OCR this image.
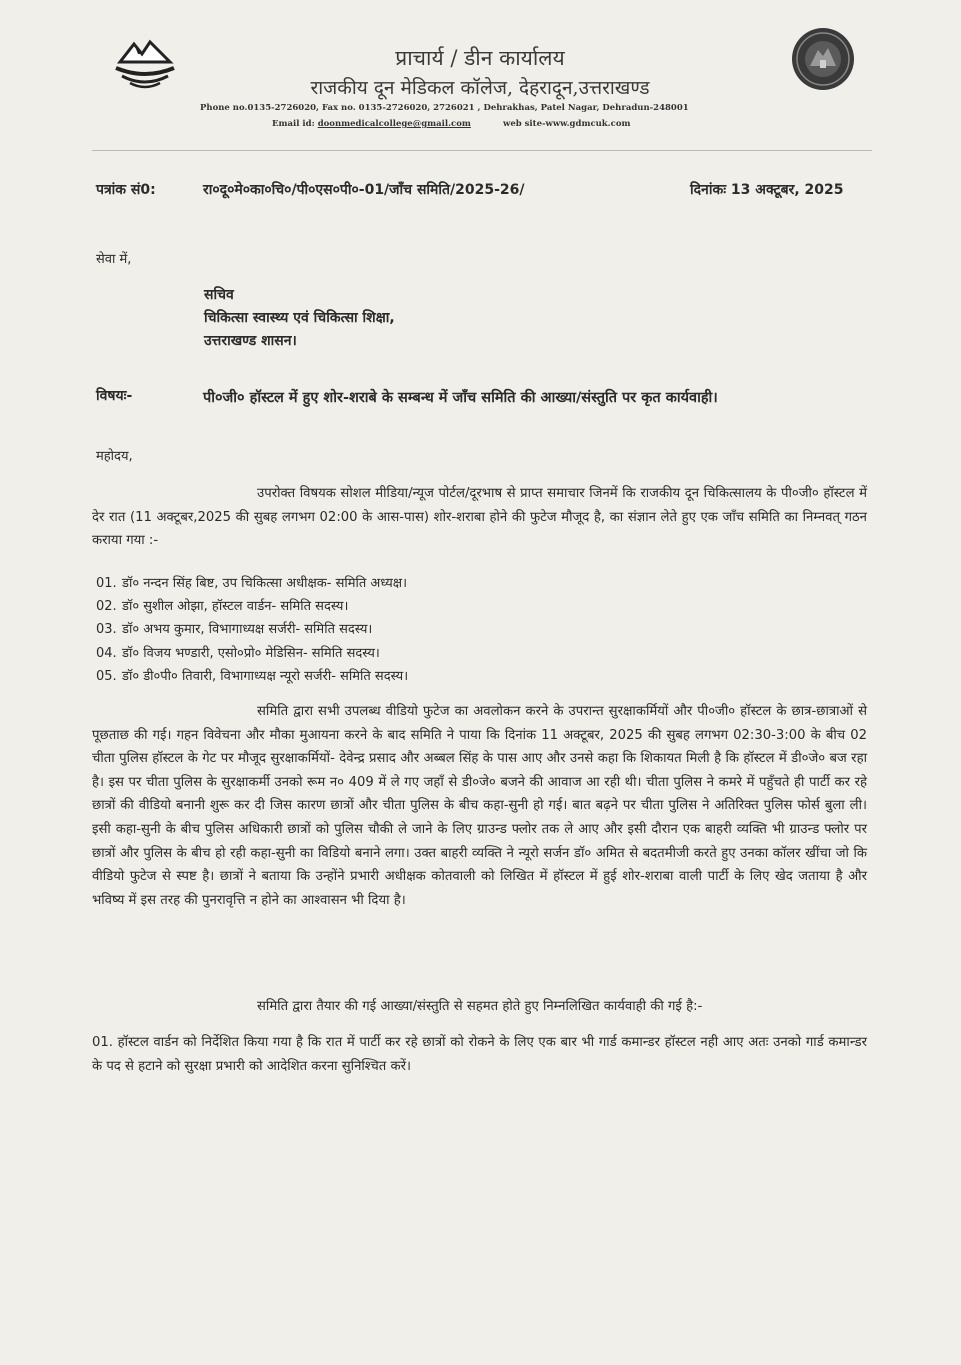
प्राचार्य / डीन कार्यालय
राजकीय दून मेडिकल कॉलेज, देहरादून,उत्तराखण्ड
Phone no.0135-2726020, Fax no. 0135-2726020, 2726021 , Dehrakhas, Patel Nagar, Dehradun-248001
Email id: doonmedicalcollege@gmail.com	web site-www.gdmcuk.com
पत्रांक सं0:	रा०दू०मे०का०चि०/पी०एस०पी०-01/जाँच समिति/2025-26/	दिनांकः 13 अक्टूबर, 2025
सेवा में,
सचिव
चिकित्सा स्वास्थ्य एवं चिकित्सा शिक्षा,
उत्तराखण्ड शासन।
विषयः-	पी०जी० हॉस्टल में हुए शोर-शराबे के सम्बन्ध में जाँच समिति की आख्या/संस्तुति पर कृत कार्यवाही।
महोदय,

उपरोक्त विषयक सोशल मीडिया/न्यूज पोर्टल/दूरभाष से प्राप्त समाचार जिनमें कि राजकीय दून चिकित्सालय के पी०जी० हॉस्टल में देर रात (11 अक्टूबर,2025 की सुबह लगभग 02:00 के आस-पास) शोर-शराबा होने की फुटेज मौजूद है, का संज्ञान लेते हुए एक जाँच समिति का निम्नवत् गठन कराया गया :-

01. डॉ० नन्दन सिंह बिष्ट, उप चिकित्सा अधीक्षक- समिति अध्यक्ष।
02. डॉ० सुशील ओझा, हॉस्टल वार्डन- समिति सदस्य।
03. डॉ० अभय कुमार, विभागाध्यक्ष सर्जरी- समिति सदस्य।
04. डॉ० विजय भण्डारी, एसो०प्रो० मेडिसिन- समिति सदस्य।
05. डॉ० डी०पी० तिवारी, विभागाध्यक्ष न्यूरो सर्जरी- समिति सदस्य।

समिति द्वारा सभी उपलब्ध वीडियो फुटेज का अवलोकन करने के उपरान्त सुरक्षाकर्मियों और पी०जी० हॉस्टल के छात्र-छात्राओं से पूछताछ की गई। गहन विवेचना और मौका मुआयना करने के बाद समिति ने पाया कि दिनांक 11 अक्टूबर, 2025 की सुबह लगभग 02:30-3:00 के बीच 02 चीता पुलिस हॉस्टल के गेट पर मौजूद सुरक्षाकर्मियों- देवेन्द्र प्रसाद और अब्बल सिंह के पास आए और उनसे कहा कि शिकायत मिली है कि हॉस्टल में डी०जे० बज रहा है। इस पर चीता पुलिस के सुरक्षाकर्मी उनको रूम न० 409 में ले गए जहाँ से डी०जे० बजने की आवाज आ रही थी। चीता पुलिस ने कमरे में पहुँचते ही पार्टी कर रहे छात्रों की वीडियो बनानी शुरू कर दी जिस कारण छात्रों और चीता पुलिस के बीच कहा-सुनी हो गई। बात बढ़ने पर चीता पुलिस ने अतिरिक्त पुलिस फोर्स बुला ली। इसी कहा-सुनी के बीच पुलिस अधिकारी छात्रों को पुलिस चौकी ले जाने के लिए ग्राउन्ड फ्लोर तक ले आए और इसी दौरान एक बाहरी व्यक्ति भी ग्राउन्ड फ्लोर पर छात्रों और पुलिस के बीच हो रही कहा-सुनी का विडियो बनाने लगा। उक्त बाहरी व्यक्ति ने न्यूरो सर्जन डॉ० अमित से बदतमीजी करते हुए उनका कॉलर खींचा जो कि वीडियो फुटेज से स्पष्ट है। छात्रों ने बताया कि उन्होंने प्रभारी अधीक्षक कोतवाली को लिखित में हॉस्टल में हुई शोर-शराबा वाली पार्टी के लिए खेद जताया है और भविष्य में इस तरह की पुनरावृत्ति न होने का आश्वासन भी दिया है।

समिति द्वारा तैयार की गई आख्या/संस्तुति से सहमत होते हुए निम्नलिखित कार्यवाही की गई है:-

01. हॉस्टल वार्डन को निर्देशित किया गया है कि रात में पार्टी कर रहे छात्रों को रोकने के लिए एक बार भी गार्ड कमान्डर हॉस्टल नही आए अतः उनको गार्ड कमान्डर के पद से हटाने को सुरक्षा प्रभारी को आदेशित करना सुनिश्चित करें।
